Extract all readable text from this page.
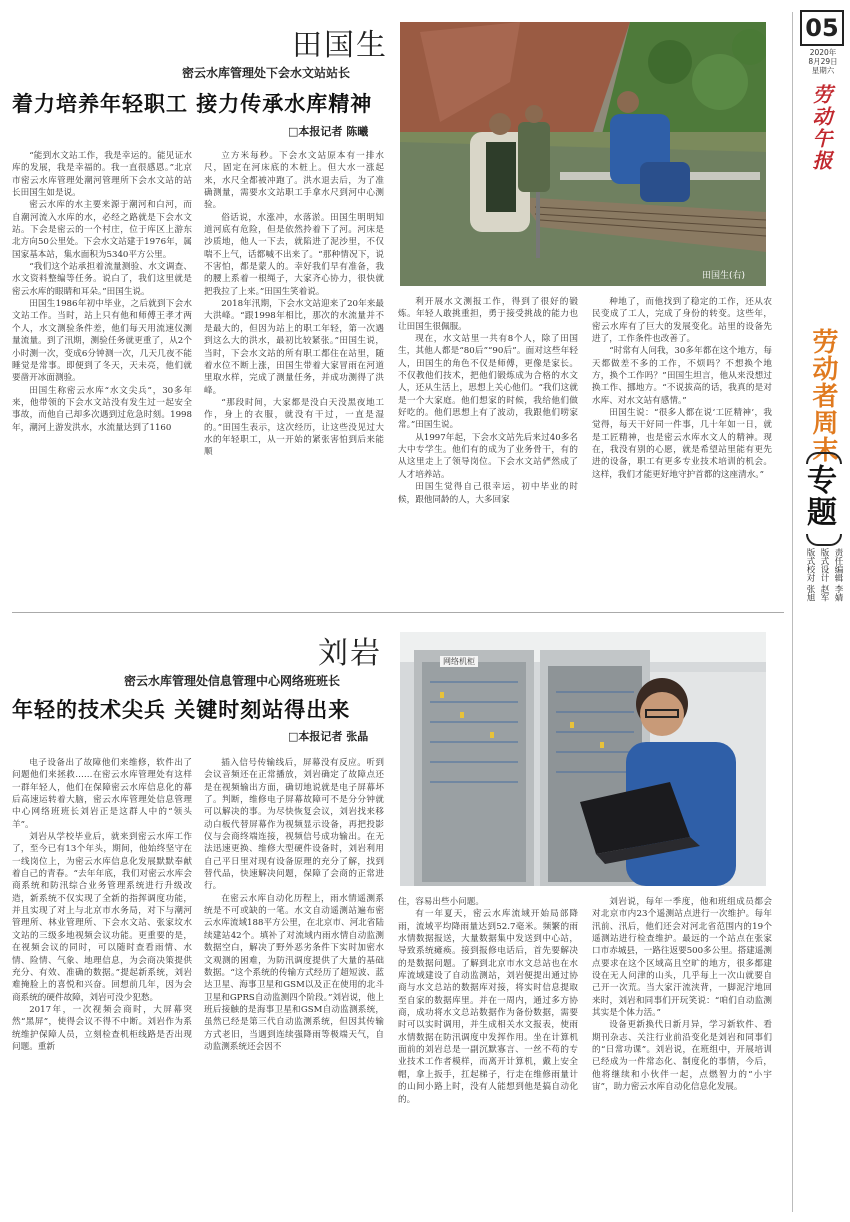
05
2020年
8月29日
星期六
劳动午报
劳动者周末
专题
责任编辑 李婧
版式设计 赵军
版式校对 张旭
田国生
密云水库管理处下会水文站站长
着力培养年轻职工 接力传承水库精神
□本报记者 陈曦
田国生(右)

“能到水文站工作，我是幸运的。能见证水库的发展，我是幸福的。我一直很感恩。”北京市密云水库管理处潮河管理所下会水文站的站长田国生如是说。

密云水库的水主要来源于潮河和白河，而自潮河流入水库的水，必经之路就是下会水文站。下会是密云的一个村庄，位于库区上游东北方向50公里处。下会水文站建于1976年，属国家基本站，集水面积为5340平方公里。

“我们这个站承担着流量测验、水文调查、水文资料整编等任务。说白了，我们这里就是密云水库的眼睛和耳朵。”田国生说。

田国生1986年初中毕业，之后就到下会水文站工作。当时，站上只有他和师傅王孝才两个人，水文测验条件差，他们每天用流速仪测量流量。到了汛期，测验任务就更重了，从2个小时测一次，变成6分钟测一次，几天几夜不能睡觉是常事。即便到了冬天，天未亮，他们就要凿开冰面测验。

田国生称密云水库“水文尖兵”，30多年来，他带领的下会水文站没有发生过一起安全事故，而他自己却多次遇到过危急时刻。1998年，潮河上游发洪水，水流量达到了1160

立方米每秒。下会水文站原本有一排水尺，固定在河床底的木桩上。但大水一涨起来，水尺全都被冲跑了。洪水退去后，为了准确测量，需要水文站职工手拿水尺到河中心测验。

俗话说，水涨冲，水落淤。田国生明明知道河底有危险，但是依然拎着下了河。河床是沙质地，他人一下去，就陷进了泥沙里，不仅喘不上气，话都喊不出来了。“那种情况下，说不害怕，都是蒙人的。幸好我们早有准备，我的腰上系着一根绳子，大家齐心协力，很快就把我拉了上来。”田国生笑着说。

2018年汛期，下会水文站迎来了20年来最大洪峰。“跟1998年相比，那次的水流量并不是最大的，但因为站上的职工年轻，第一次遇到这么大的洪水，最初比较紧张。”田国生说，当时，下会水文站的所有职工都住在站里，随着水位不断上涨，田国生带着大家冒雨在河道里取水样，完成了测量任务，并成功测得了洪峰。

“那段时间，大家都是没白天没黑夜地工作，身上的衣服，就没有干过，一直是湿的。”田国生表示，这次经历，让这些没见过大水的年轻职工，从一开始的紧张害怕到后来能顺

利开展水文测报工作，得到了很好的锻炼。年轻人敢挑重担，勇于接受挑战的能力也让田国生很佩服。

现在，水文站里一共有8个人，除了田国生，其他人都是“80后”“90后”。面对这些年轻人，田国生的角色不仅是师傅，更像是家长。不仅教他们技术，把他们锻炼成为合格的水文人，还从生活上，思想上关心他们。“我们这就是一个大家庭。他们想家的时候，我给他们做好吃的。他们思想上有了波动，我跟他们唠家常。”田国生说。

从1997年起，下会水文站先后来过40多名大中专学生。他们有的成为了业务骨干，有的从这里走上了领导岗位。下会水文站俨然成了人才培养站。

田国生觉得自己很幸运，初中毕业的时候，跟他同龄的人，大多回家

种地了，而他找到了稳定的工作，还从农民变成了工人，完成了身份的转变。这些年，密云水库有了巨大的发展变化。站里的设备先进了，工作条件也改善了。

“时常有人问我，30多年都在这个地方，每天都做差不多的工作，不烦吗？不想换个地方，换个工作吗？”田国生坦言，他从来没想过换工作、挪地方。“不说拔高的话，我真的是对水库、对水文站有感情。”

田国生说：“很多人都在说‘工匠精神’，我觉得，每天干好同一件事，几十年如一日，就是工匠精神，也是密云水库水文人的精神。现在，我没有别的心愿，就是希望站里能有更先进的设备，职工有更多专业技术培训的机会。这样，我们才能更好地守护首都的这座清水。”

刘岩
密云水库管理处信息管理中心网络班班长
年轻的技术尖兵 关键时刻站得出来
□本报记者 张晶
网络机柜

电子设备出了故障他们来维修，软件出了问题他们来拯救……在密云水库管理处有这样一群年轻人，他们在保障密云水库信息化的幕后高速运转着大脑，密云水库管理处信息管理中心网络班班长刘岩正是这群人中的“领头羊”。

刘岩从学校毕业后，就来到密云水库工作了，至今已有13个年头，期间，他始终坚守在一线岗位上，为密云水库信息化发展默默奉献着自己的青春。“去年年底，我们对密云水库会商系统和防汛综合业务管理系统进行升级改造，新系统不仅实现了全新的指挥调度功能，并且实现了对上与北京市水务局，对下与潮河管理所、林业管理所、下会水文站、张家坟水文站的三级多地视频会议功能。更重要的是，在视频会议的同时，可以随时查看雨情、水情、险情、气象、地理信息，为会商决策提供充分、有效、准确的数据。”提起新系统，刘岩难掩脸上的喜悦和兴奋。回想前几年，因为会商系统的硬件故障，刘岩可没少犯愁。

2017年，一次视频会商时，大屏幕突然“黑屏”，使得会议不得不中断。刘岩作为系统维护保障人员，立刻检查机柜线路是否出现问题。重新

插入信号传输线后，屏幕没有反应。听到会议音频还在正常播放，刘岩确定了故障点还是在视频输出方面，确切地说就是电子屏幕坏了。判断，维修电子屏幕故障可不是分分钟就可以解决的事。为尽快恢复会议，刘岩找来移动白板代替屏幕作为视频显示设备，再把投影仪与会商终端连接，视频信号成功输出。在无法迅速更换、维修大型硬件设备时，刘岩利用自己平日里对现有设备原理的充分了解，找到替代品，快速解决问题，保障了会商的正常进行。

在密云水库自动化历程上，雨水情遥测系统是不可或缺的一笔。水文自动遥测站遍布密云水库流域188平方公里，在北京市、河北省陆续建站42个。填补了对流域内雨水情自动监测数据空白，解决了野外恶劣条件下实时加密水文观测的困难，为防汛调度提供了大量的基础数据。“这个系统的传输方式经历了超短波、蓝达卫星、海事卫星和GSM以及正在使用的北斗卫星和GPRS自动监测四个阶段。”刘岩说，他上班后接触的是海事卫星和GSM自动监测系统，虽然已经是第三代自动监测系统，但因其传输方式老旧，当遇到连续强降雨等极端天气，自动监测系统还会因不

住，容易出些小问题。

有一年夏天，密云水库流域开始局部降雨，流域平均降雨量达到52.7毫米。频繁的雨水情数据报送，大量数据集中发送到中心站，导致系统瘫痪。接到报修电话后，首先要解决的是数据问题。了解到北京市水文总站也在水库流域建设了自动监测站，刘岩便提出通过协商与水文总站的数据库对接，将实时信息提取至自家的数据库里。并在一周内，通过多方协商，成功将水文总站数据作为备份数据，需要时可以实时调用，并生成相关水文报表，使雨水情数据在防汛调度中发挥作用。坐在计算机面前的刘岩总是一副沉默寡言、一丝不苟的专业技术工作者模样，而离开计算机，戴上安全帽，拿上扳手，扛起梯子，行走在维修雨量计的山间小路上时，没有人能想到他是搞自动化的。

刘岩说，每年一季度，他和班组成员都会对北京市内23个遥测站点进行一次维护。每年汛前、汛后，他们还会对河北省范围内的19个遥测站进行检查维护。最远的一个站点在张家口市赤城县，一路往返要500多公里。搭建遥测点要求在这个区域高且空旷的地方，很多都建设在无人问津的山头，几乎每上一次山就要自己开一次荒。当大家汗流浃背，一脚泥泞地回来时，刘岩和同事们开玩笑说：“咱们自动监测其实是个体力活。”

设备更新换代日新月异，学习新软件、看期刊杂志、关注行业前沿变化是刘岩和同事们的“日常功课”。刘岩说，在班组中，开展培训已经成为一件常态化、制度化的事情，今后，他将继续和小伙伴一起，点燃智力的“小宇宙”，助力密云水库自动化信息化发展。
